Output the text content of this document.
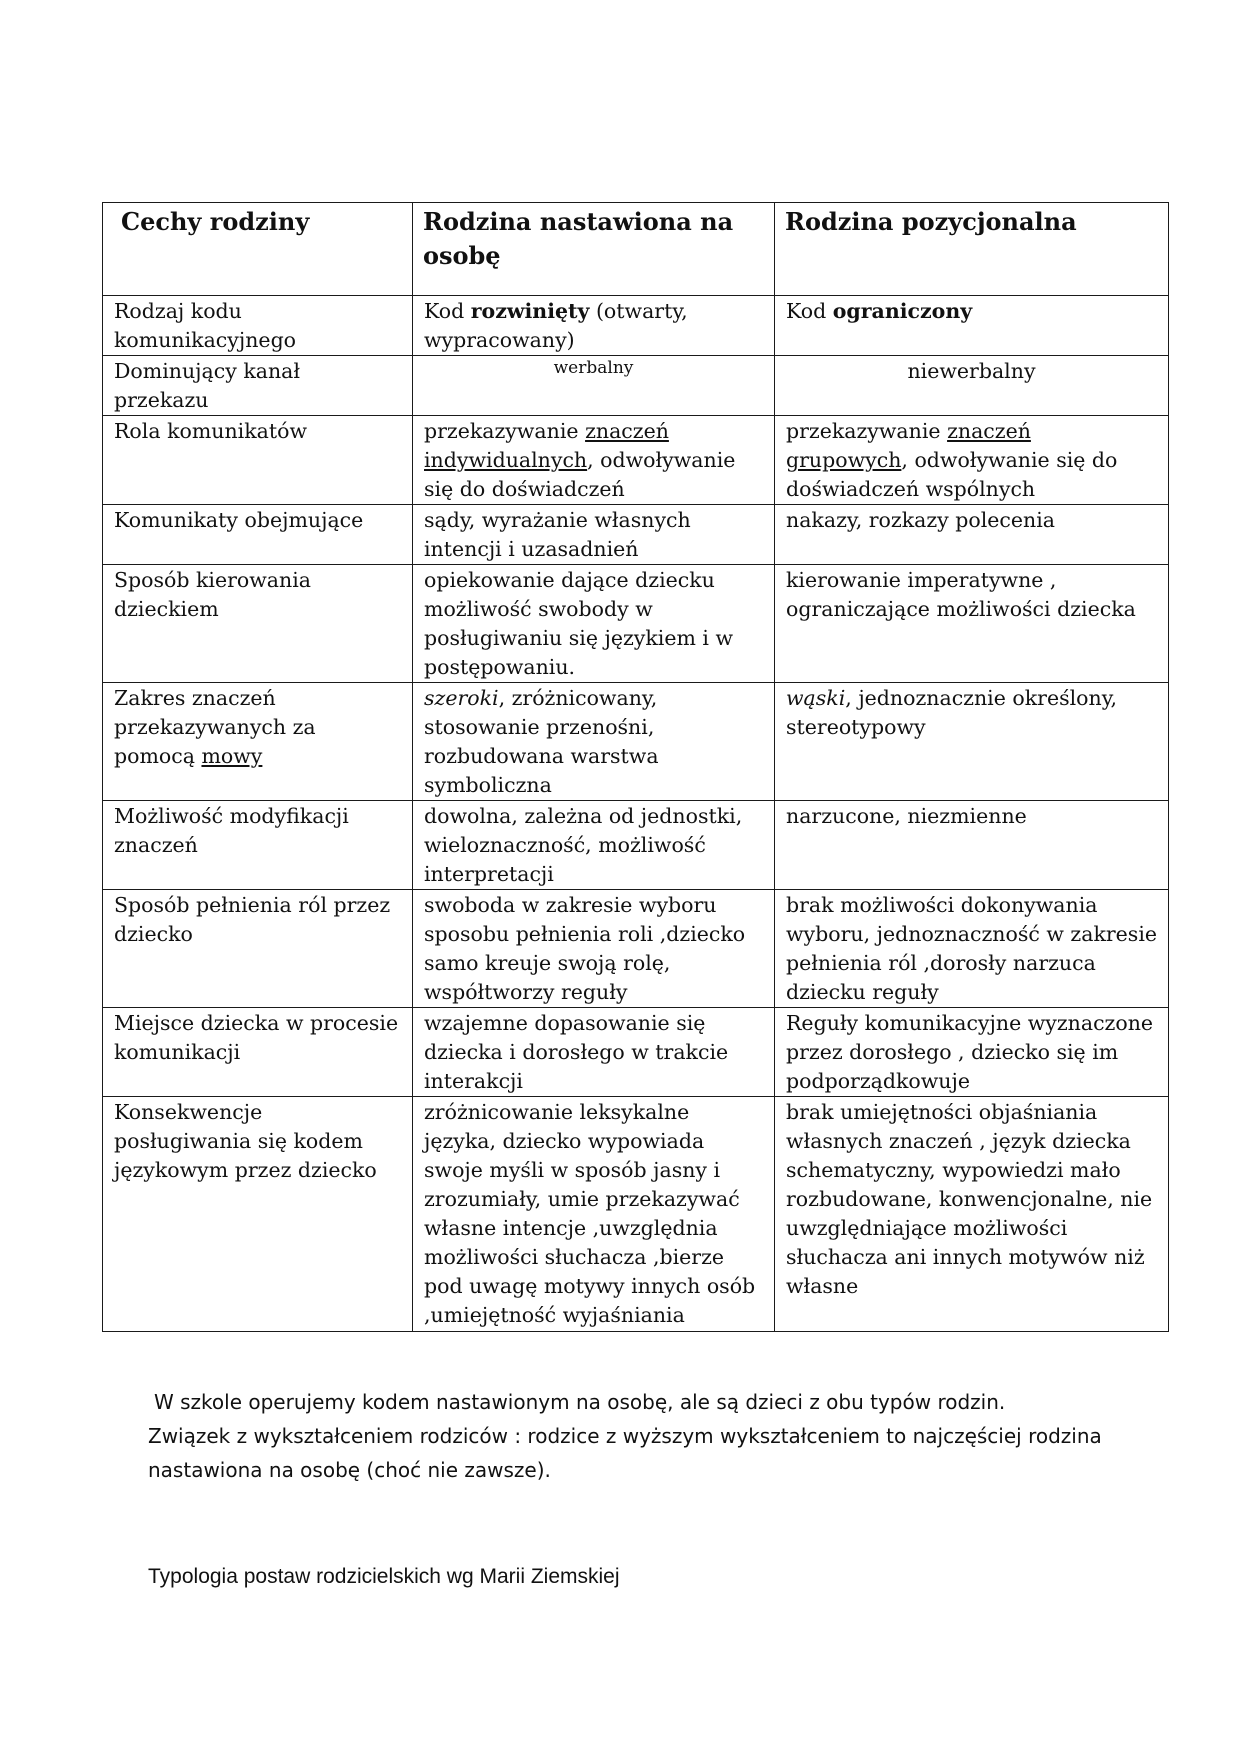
Cechy rodziny	Rodzina nastawiona na osobę	Rodzina pozycjonalna
Rodzaj kodu komunikacyjnego	Kod rozwinięty (otwarty, wypracowany)	Kod ograniczony
Dominujący kanał przekazu	werbalny	niewerbalny
Rola komunikatów	przekazywanie znaczeń indywidualnych, odwoływanie się do doświadczeń	przekazywanie znaczeń grupowych, odwoływanie się do doświadczeń wspólnych
Komunikaty obejmujące	sądy, wyrażanie własnych intencji i uzasadnień	nakazy, rozkazy polecenia
Sposób kierowania dzieckiem	opiekowanie dające dziecku możliwość swobody w posługiwaniu się językiem i w postępowaniu.	kierowanie imperatywne , ograniczające możliwości dziecka
Zakres znaczeń przekazywanych za pomocą mowy	szeroki, zróżnicowany, stosowanie przenośni, rozbudowana warstwa symboliczna	wąski, jednoznacznie określony, stereotypowy
Możliwość modyfikacji znaczeń	dowolna, zależna od jednostki, wieloznaczność, możliwość interpretacji	narzucone, niezmienne
Sposób pełnienia ról przez dziecko	swoboda w zakresie wyboru sposobu pełnienia roli ,dziecko samo kreuje swoją rolę, współtworzy reguły	brak możliwości dokonywania wyboru, jednoznaczność w zakresie pełnienia ról ,dorosły narzuca dziecku reguły
Miejsce dziecka w procesie komunikacji	wzajemne dopasowanie się dziecka i dorosłego w trakcie interakcji	Reguły komunikacyjne wyznaczone przez dorosłego , dziecko się im podporządkowuje
Konsekwencje posługiwania się kodem językowym przez dziecko	zróżnicowanie leksykalne języka, dziecko wypowiada swoje myśli w sposób jasny i zrozumiały, umie przekazywać własne intencje ,uwzględnia możliwości słuchacza ,bierze pod uwagę motywy innych osób ,umiejętność wyjaśniania	brak umiejętności objaśniania własnych znaczeń , język dziecka schematyczny, wypowiedzi mało rozbudowane, konwencjonalne, nie uwzględniające możliwości słuchacza ani innych motywów niż własne

W szkole operujemy kodem nastawionym na osobę, ale są dzieci z obu typów rodzin.

Związek z wykształceniem rodziców : rodzice z wyższym wykształceniem to najczęściej rodzina nastawiona na osobę (choć nie zawsze).

Typologia postaw rodzicielskich wg Marii Ziemskiej
